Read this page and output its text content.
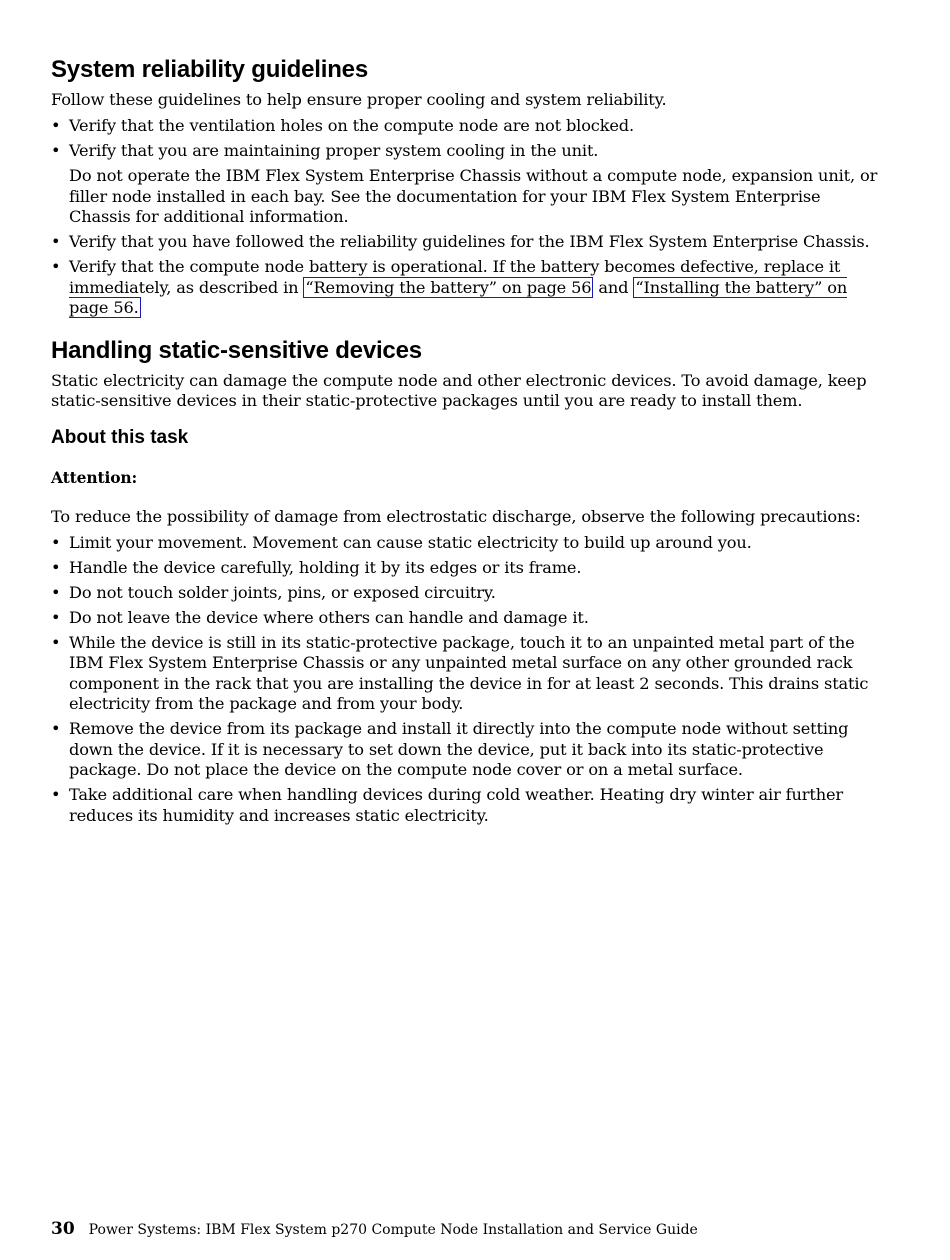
System reliability guidelines

Follow these guidelines to help ensure proper cooling and system reliability.

• Verify that the ventilation holes on the compute node are not blocked.
• Verify that you are maintaining proper system cooling in the unit.
Do not operate the IBM Flex System Enterprise Chassis without a compute node, expansion unit, or filler node installed in each bay. See the documentation for your IBM Flex System Enterprise Chassis for additional information.
• Verify that you have followed the reliability guidelines for the IBM Flex System Enterprise Chassis.
• Verify that the compute node battery is operational. If the battery becomes defective, replace it immediately, as described in “Removing the battery” on page 56 and “Installing the battery” on page 56.
Handling static-sensitive devices

Static electricity can damage the compute node and other electronic devices. To avoid damage, keep static-sensitive devices in their static-protective packages until you are ready to install them.

About this task

Attention:

To reduce the possibility of damage from electrostatic discharge, observe the following precautions:

• Limit your movement. Movement can cause static electricity to build up around you.
• Handle the device carefully, holding it by its edges or its frame.
• Do not touch solder joints, pins, or exposed circuitry.
• Do not leave the device where others can handle and damage it.
• While the device is still in its static-protective package, touch it to an unpainted metal part of the IBM Flex System Enterprise Chassis or any unpainted metal surface on any other grounded rack component in the rack that you are installing the device in for at least 2 seconds. This drains static electricity from the package and from your body.
• Remove the device from its package and install it directly into the compute node without setting down the device. If it is necessary to set down the device, put it back into its static-protective package. Do not place the device on the compute node cover or on a metal surface.
• Take additional care when handling devices during cold weather. Heating dry winter air further reduces its humidity and increases static electricity.
30 Power Systems: IBM Flex System p270 Compute Node Installation and Service Guide
